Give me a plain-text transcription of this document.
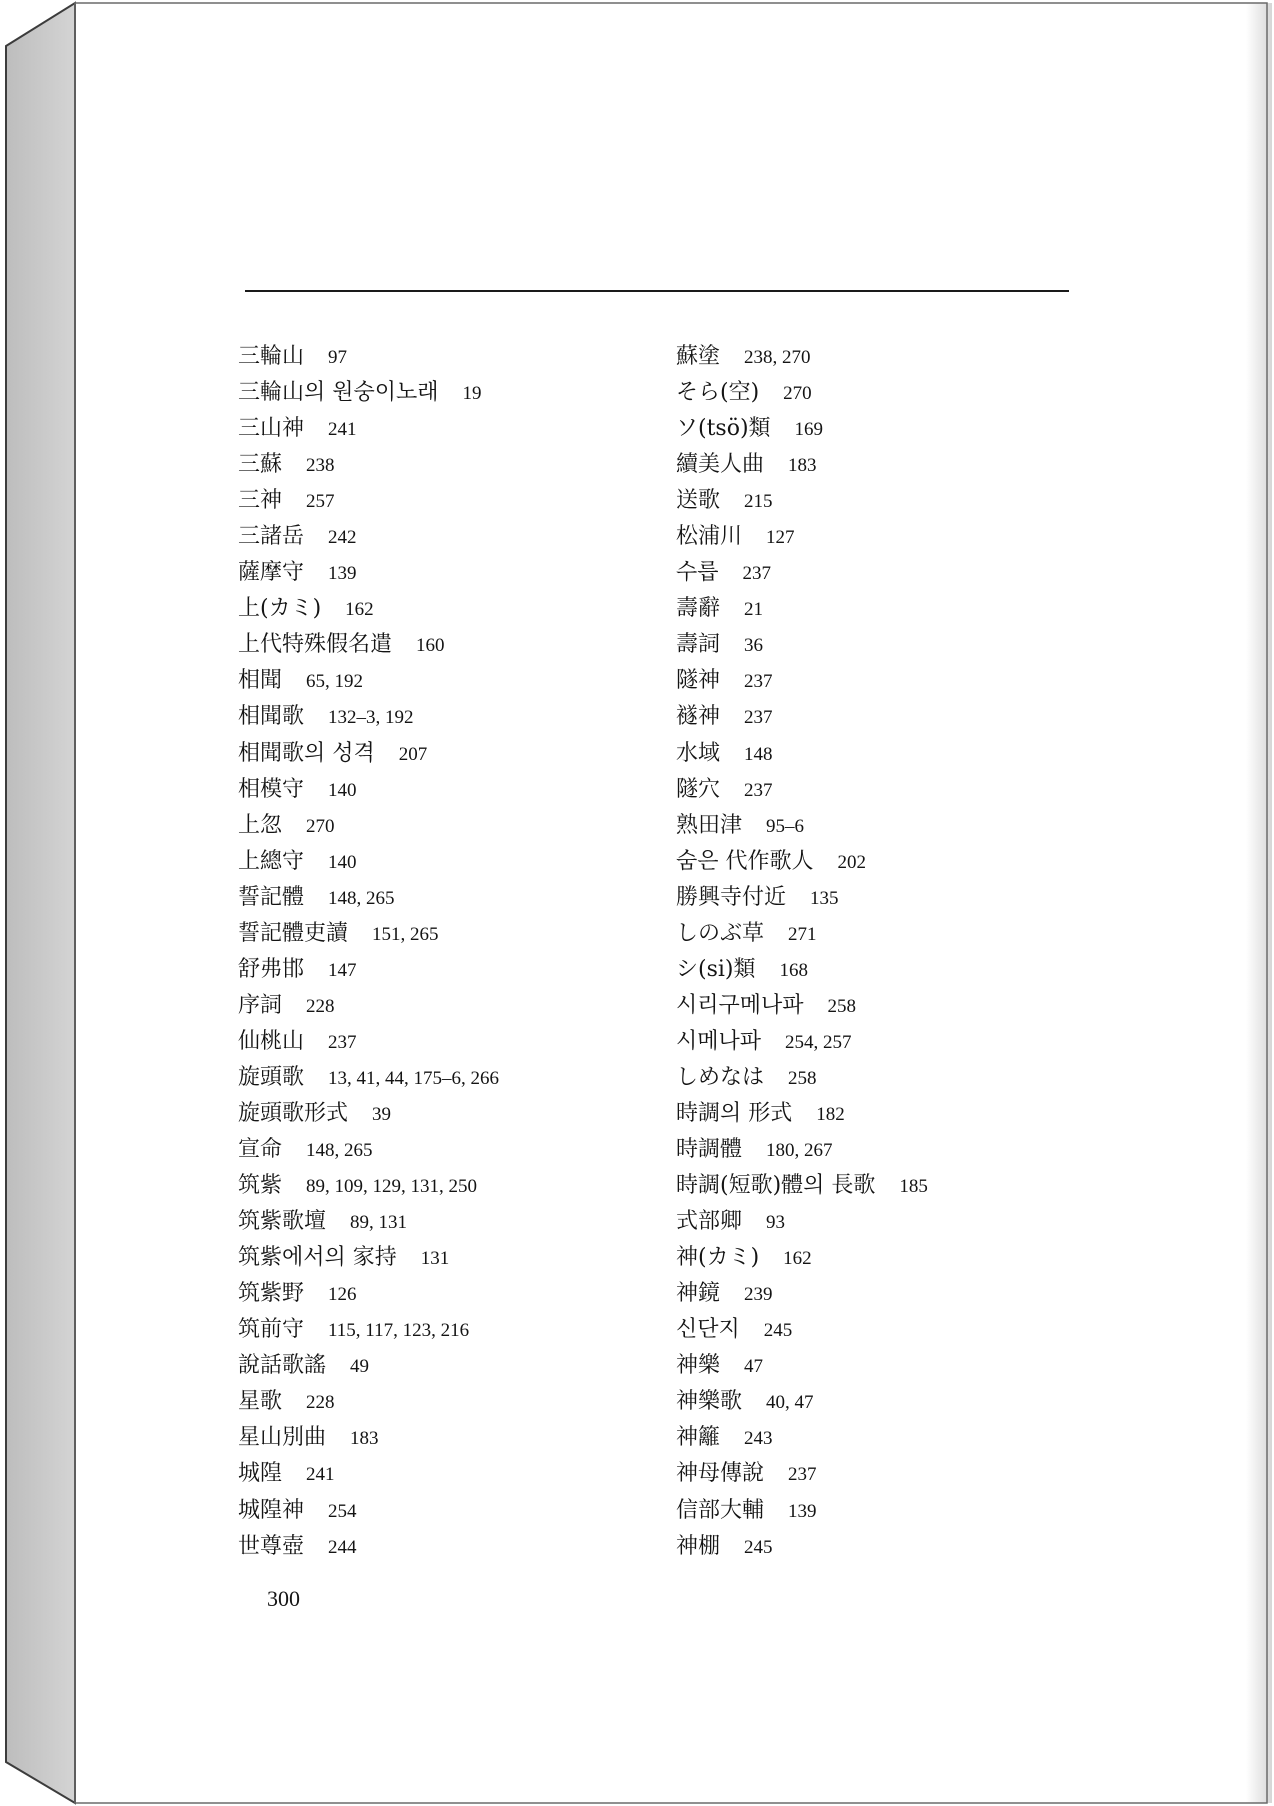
三輪山 97
三輪山의 원숭이노래 19
三山神 241
三蘇 238
三神 257
三諸岳 242
薩摩守 139
上(カミ) 162
上代特殊假名遣 160
相聞 65, 192
相聞歌 132–3, 192
相聞歌의 성격 207
相模守 140
上忽 270
上總守 140
誓記體 148, 265
誓記體吏讀 151, 265
舒弗邯 147
序詞 228
仙桃山 237
旋頭歌 13, 41, 44, 175–6, 266
旋頭歌形式 39
宣命 148, 265
筑紫 89, 109, 129, 131, 250
筑紫歌壇 89, 131
筑紫에서의 家持 131
筑紫野 126
筑前守 115, 117, 123, 216
說話歌謠 49
星歌 228
星山別曲 183
城隍 241
城隍神 254
世尊壺 244
蘇塗 238, 270
そら(空) 270
ソ(tsö)類 169
續美人曲 183
送歌 215
松浦川 127
수릅 237
壽辭 21
壽詞 36
隧神 237
襚神 237
水域 148
隧穴 237
熟田津 95–6
숨은 代作歌人 202
勝興寺付近 135
しのぶ草 271
シ(si)類 168
시리구메나파 258
시메나파 254, 257
しめなは 258
時調의 形式 182
時調體 180, 267
時調(短歌)體의 長歌 185
式部卿 93
神(カミ) 162
神鏡 239
신단지 245
神樂 47
神樂歌 40, 47
神籬 243
神母傳說 237
信部大輔 139
神棚 245
300
